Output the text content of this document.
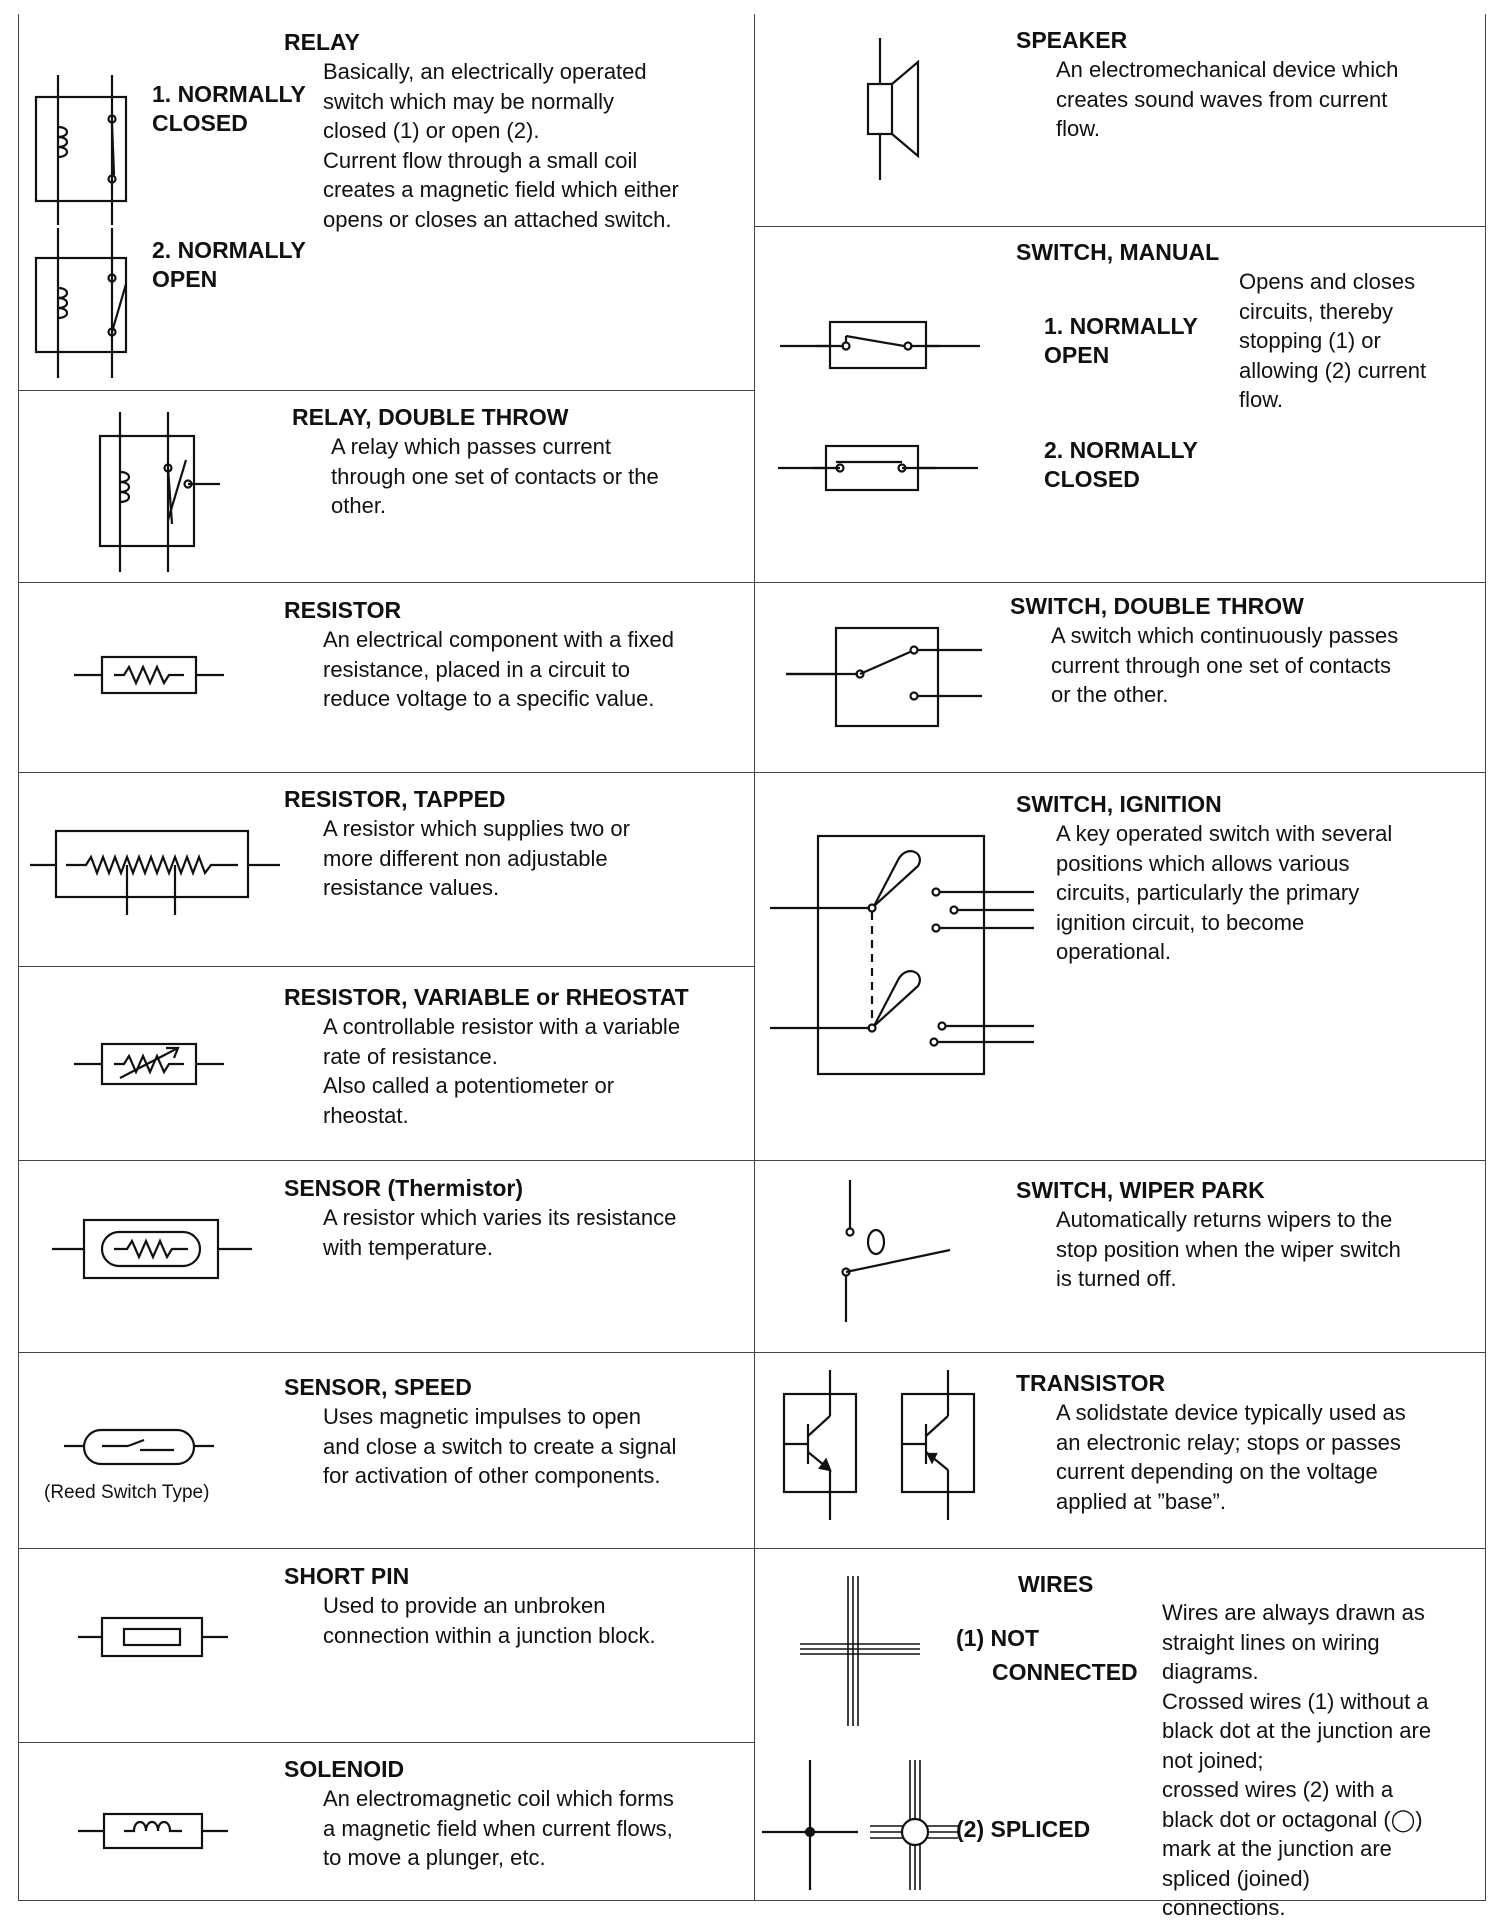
RELAY
Basically, an electrically operated
switch which may be normally
closed (1) or open (2).
Current flow through a small coil
creates a magnetic field which either
opens or closes an attached switch.
1. NORMALLY
CLOSED
2. NORMALLY
OPEN
RELAY, DOUBLE THROW
A relay which passes current
through one set of contacts or the
other.
RESISTOR
An electrical component with a fixed
resistance, placed in a circuit to
reduce voltage to a specific value.
RESISTOR, TAPPED
A resistor which supplies two or
more different non adjustable
resistance values.
RESISTOR, VARIABLE or RHEOSTAT
A controllable resistor with a variable
rate of resistance.
Also called a potentiometer or
rheostat.
SENSOR (Thermistor)
A resistor which varies its resistance
with temperature.
SENSOR, SPEED
Uses magnetic impulses to open
and close a switch to create a signal
for activation of other components.
(Reed Switch Type)
SHORT PIN
Used to provide an unbroken
connection within a junction block.
SOLENOID
An electromagnetic coil which forms
a magnetic field when current flows,
to move a plunger, etc.
SPEAKER
An electromechanical device which
creates sound waves from current
flow.
SWITCH, MANUAL
Opens and closes
circuits, thereby
stopping (1) or
allowing (2) current
flow.
1. NORMALLY
OPEN
2. NORMALLY
CLOSED
SWITCH, DOUBLE THROW
A switch which continuously passes
current through one set of contacts
or the other.
SWITCH, IGNITION
A key operated switch with several
positions which allows various
circuits, particularly the primary
ignition circuit, to become
operational.
SWITCH, WIPER PARK
Automatically returns wipers to the
stop position when the wiper switch
is turned off.
TRANSISTOR
A solidstate device typically used as
an electronic relay; stops or passes
current depending on the voltage
applied at ”base”.
WIRES
Wires are always drawn as
straight lines on wiring
diagrams.
Crossed wires (1) without a
black dot at the junction are
not joined;
crossed wires (2) with a
black dot or octagonal (◯)
mark at the junction are
spliced (joined)
connections.
(1) NOT
CONNECTED
(2) SPLICED
